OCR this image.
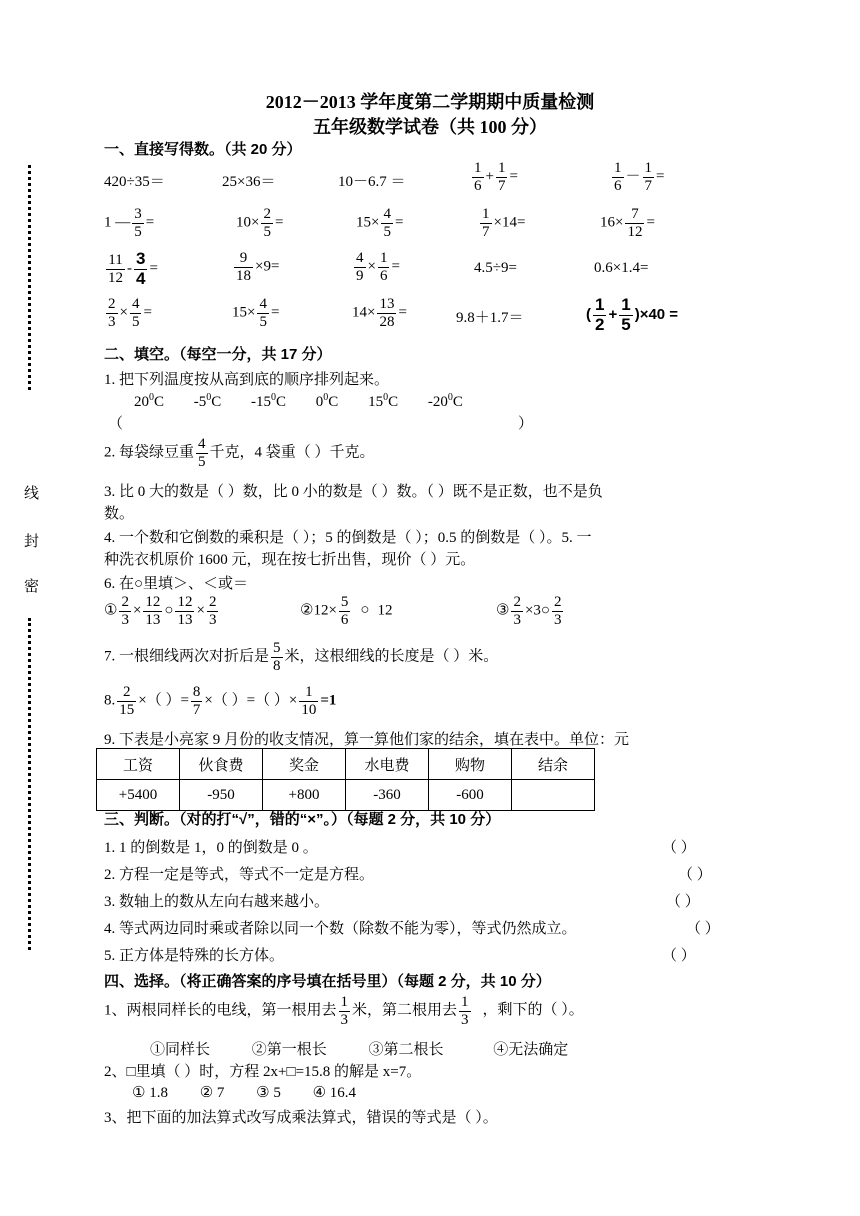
2012－2013 学年度第二学期期中质量检测
五年级数学试卷（共 100 分）
线
封
密
一、直接写得数。（共 20 分）
420÷35＝	25×36＝	10－6.7 ＝	$\frac{1}{6} + \frac{1}{7}$ =	$\frac{1}{6} - \frac{1}{7}$ =
1 — $\frac{3}{5}$ =	$10\times \frac{2}{5}$ =	$15\times \frac{4}{5}$ =	$\frac{1}{7} \times 14=$	$16\times \frac{7}{12}$ =
$\frac{11}{12} - \frac{3}{4}$ =	$\frac{9}{18} \times 9=$	$\frac{4}{9} \times \frac{1}{6}$ =	4.5÷9=	0.6×1.4=
$\frac{2}{3} \times \frac{4}{5}$ =	$15\times \frac{4}{5}$ =	$14\times \frac{13}{28}$ =	9.8＋1.7＝	( $\frac{1}{2} + \frac{1}{5} )\times 40$ =
二、填空。（每空一分，共 17 分）
1. 把下列温度按从高到底的顺序排列起来。
$20^0C$ $-5^0C$ $-15^0C$ $0^0C$ $15^0C$ $-20^0C$
（	）
2. 每袋绿豆重 $\frac{4}{5}$ 千克，4 袋重（ ）千克。
3. 比 0 大的数是（ ）数，比 0 小的数是（ ）数。（ ）既不是正数，也不是负
数。
4. 一个数和它倒数的乘积是（ ）；5 的倒数是（ ）；0.5 的倒数是（ ）。5. 一
种洗衣机原价 1600 元，现在按七折出售，现价（ ）元。
6. 在○里填＞、＜或＝
① $\frac{2}{3} \times \frac{12}{13}$ ○ $\frac{12}{13} \times \frac{2}{3}$	②12× $\frac{5}{6}$ ○ 12	③ $\frac{2}{3}$ ×3○ $\frac{2}{3}$
7. 一根细线两次对折后是 $\frac{5}{8}$ 米，这根细线的长度是（ ）米。
8. $\frac{2}{15}$ ×（ ）= $\frac{8}{7}$ ×（ ）=（ ）× $\frac{1}{10} =1$
9. 下表是小亮家 9 月份的收支情况，算一算他们家的结余，填在表中。单位：元
工资	伙食费	奖金	水电费	购物	结余
+5400	-950	+800	-360	-600	
三、判断。（对的打“√”，错的“×”。）（每题 2 分，共 10 分）
1. 1 的倒数是 1，0 的倒数是 0 。	（ ）
2. 方程一定是等式，等式不一定是方程。	（ ）
3. 数轴上的数从左向右越来越小。	（ ）
4. 等式两边同时乘或者除以同一个数（除数不能为零），等式仍然成立。	（ ）
5. 正方体是特殊的长方体。	（ ）
四、选择。（将正确答案的序号填在括号里）（每题 2 分，共 10 分）
1、两根同样长的电线，第一根用去 $\frac{1}{3}$ 米，第二根用去 $\frac{1}{3}$ ，剩下的（ ）。
①同样长	②第一根长	③第二根长	④无法确定
2、□里填（ ）时，方程 2x+□=15.8 的解是 x=7。
① 1.8 ② 7 ③ 5 ④ 16.4
3、把下面的加法算式改写成乘法算式，错误的等式是（ ）。
